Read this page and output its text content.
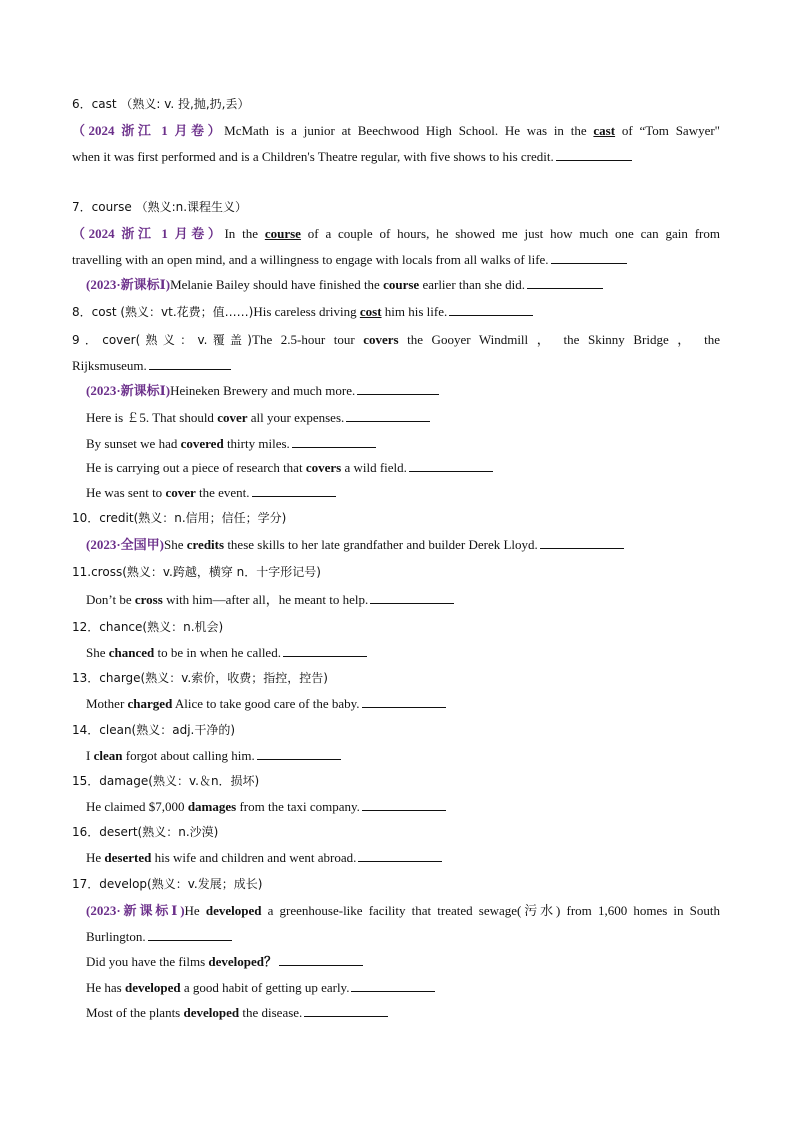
6．cast （熟义: v. 投,抛,扔,丢）
（2024 浙江 1 月卷）McMath is a junior at Beechwood High School. He was in the cast of “Tom Sawyer"
when it was first performed and is a Children's Theatre regular, with five shows to his credit.
7．course （熟义:n.课程生义）
（2024 浙江 1 月卷）In the course of a couple of hours, he showed me just how much one can gain from
travelling with an open mind, and a willingness to engage with locals from all walks of life.
(2023·新课标Ⅰ)Melanie Bailey should have finished the course earlier than she did.
8．cost (熟义：vt.花费；值……)His careless driving cost him his life.
9．cover(熟义：v.覆盖)The 2.5-hour tour covers the Gooyer Windmill ， the Skinny Bridge ， the
Rijksmuseum.
(2023·新课标Ⅰ)Heineken Brewery and much more.
Here is ￡5. That should cover all your expenses.
By sunset we had covered thirty miles.
He is carrying out a piece of research that covers a wild field.
He was sent to cover the event.
10．credit(熟义：n.信用；信任；学分)
(2023·全国甲)She credits these skills to her late grandfather and builder Derek Lloyd.
11.cross(熟义：v.跨越，横穿 n．十字形记号)
Don’t be cross with him—after all，he meant to help.
12．chance(熟义：n.机会)
She chanced to be in when he called.
13．charge(熟义：v.索价，收费；指控，控告)
Mother charged Alice to take good care of the baby.
14．clean(熟义：adj.干净的)
I clean forgot about calling him.
15．damage(熟义：v.＆n．损坏)
He claimed $7,000 damages from the taxi company.
16．desert(熟义：n.沙漠)
He deserted his wife and children and went abroad.
17．develop(熟义：v.发展；成长)
(2023·新课标Ⅰ)He developed a greenhouse-like facility that treated sewage(污水) from 1,600 homes in South
Burlington.
Did you have the films developed？
He has developed a good habit of getting up early.
Most of the plants developed the disease.
